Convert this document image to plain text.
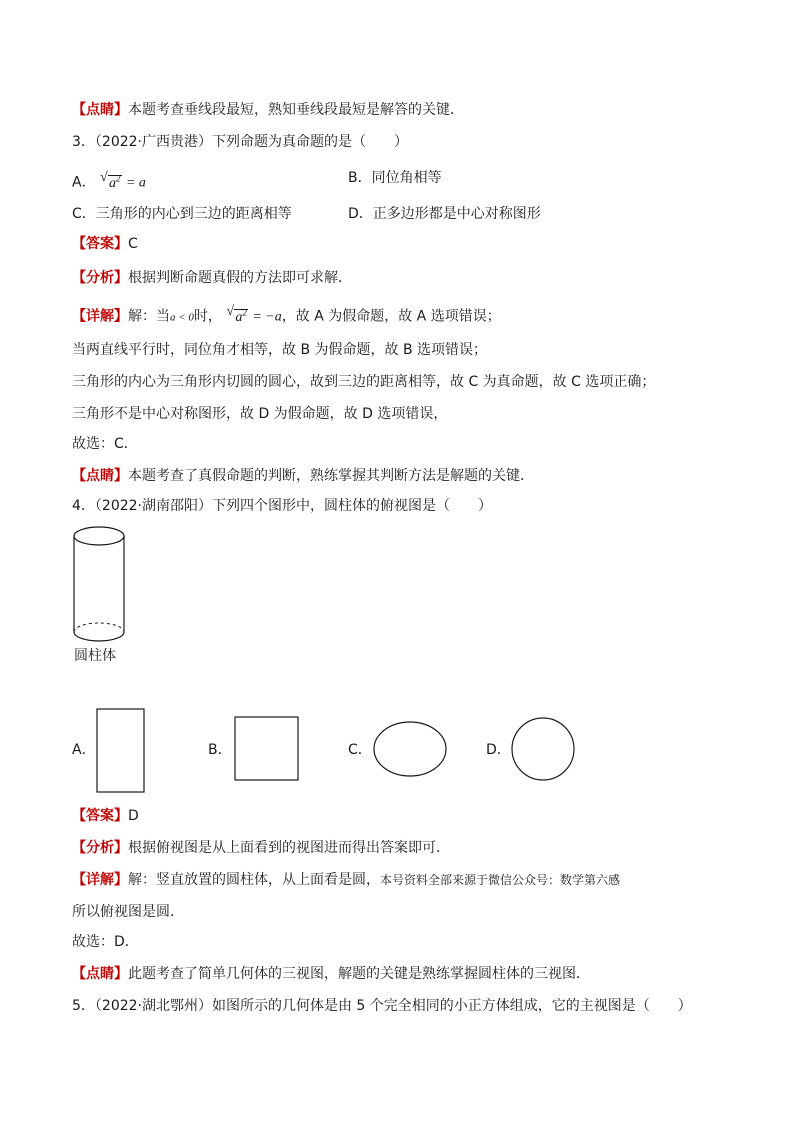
【点睛】本题考查垂线段最短，熟知垂线段最短是解答的关键．
3．（2022·广西贵港）下列命题为真命题的是（　　）
A． √ $a^2 = a$	B．同位角相等
C．三角形的内心到三边的距离相等	D．正多边形都是中心对称图形
【答案】C
【分析】根据判断命题真假的方法即可求解．
【详解】解：当a < 0时， √ $a^2 = -a$，故 A 为假命题，故 A 选项错误；
当两直线平行时，同位角才相等，故 B 为假命题，故 B 选项错误；
三角形的内心为三角形内切圆的圆心，故到三边的距离相等，故 C 为真命题，故 C 选项正确；
三角形不是中心对称图形，故 D 为假命题，故 D 选项错误，
故选：C．
【点睛】本题考查了真假命题的判断，熟练掌握其判断方法是解题的关键．
4．（2022·湖南邵阳）下列四个图形中，圆柱体的俯视图是（　　）
圆柱体
A．	B．	C．	D．
【答案】D
【分析】根据俯视图是从上面看到的视图进而得出答案即可．
【详解】解：竖直放置的圆柱体，从上面看是圆，本号资料全部来源于微信公众号：数学第六感
所以俯视图是圆．
故选：D．
【点睛】此题考查了简单几何体的三视图，解题的关键是熟练掌握圆柱体的三视图．
5．（2022·湖北鄂州）如图所示的几何体是由 5 个完全相同的小正方体组成，它的主视图是（　　）
